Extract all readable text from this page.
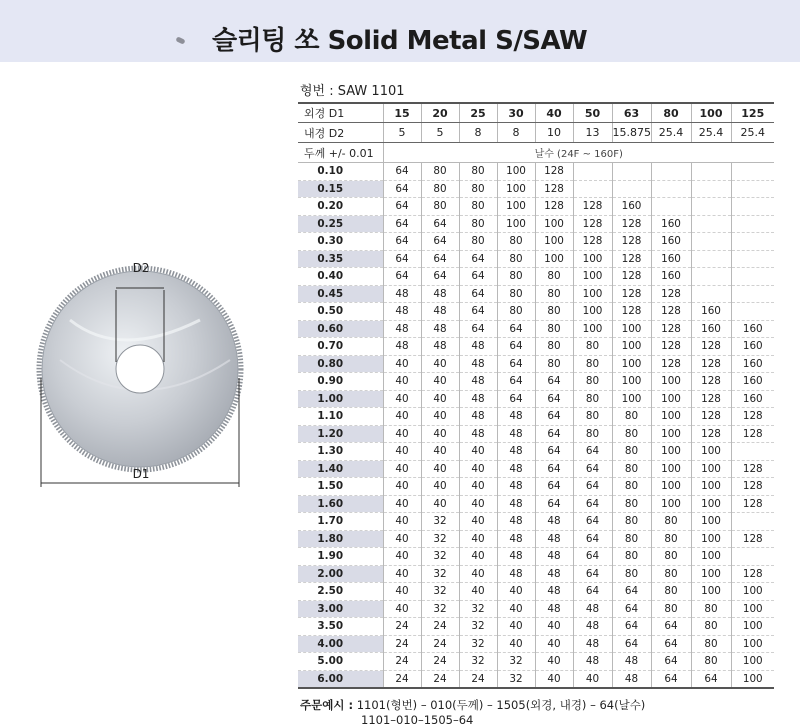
슬리팅 쏘 Solid Metal S/SAW
D2
D1
형번 : SAW 1101
외경 D1	15	20	25	30	40	50	63	80	100	125
내경 D2	5	5	8	8	10	13	15.875	25.4	25.4	25.4
두께 +/- 0.01	날수 (24F ~ 160F)									
0.10	64	80	80	100	128					
0.15	64	80	80	100	128					
0.20	64	80	80	100	128	128	160			
0.25	64	64	80	100	100	128	128	160		
0.30	64	64	80	80	100	128	128	160		
0.35	64	64	64	80	100	100	128	160		
0.40	64	64	64	80	80	100	128	160		
0.45	48	48	64	80	80	100	128	128		
0.50	48	48	64	80	80	100	128	128	160	
0.60	48	48	64	64	80	100	100	128	160	160
0.70	48	48	48	64	80	80	100	128	128	160
0.80	40	40	48	64	80	80	100	128	128	160
0.90	40	40	48	64	64	80	100	100	128	160
1.00	40	40	48	64	64	80	100	100	128	160
1.10	40	40	48	48	64	80	80	100	128	128
1.20	40	40	48	48	64	80	80	100	128	128
1.30	40	40	40	48	64	64	80	100	100	
1.40	40	40	40	48	64	64	80	100	100	128
1.50	40	40	40	48	64	64	80	100	100	128
1.60	40	40	40	48	64	64	80	100	100	128
1.70	40	32	40	48	48	64	80	80	100	
1.80	40	32	40	48	48	64	80	80	100	128
1.90	40	32	40	48	48	64	80	80	100	
2.00	40	32	40	48	48	64	80	80	100	128
2.50	40	32	40	40	48	64	64	80	100	100
3.00	40	32	32	40	48	48	64	80	80	100
3.50	24	24	32	40	40	48	64	64	80	100
4.00	24	24	32	40	40	48	64	64	80	100
5.00	24	24	32	32	40	48	48	64	80	100
6.00	24	24	24	32	40	40	48	64	64	100
주문예시 : 1101(형번) – 010(두께) – 1505(외경, 내경) – 64(날수)
1101–010–1505–64
